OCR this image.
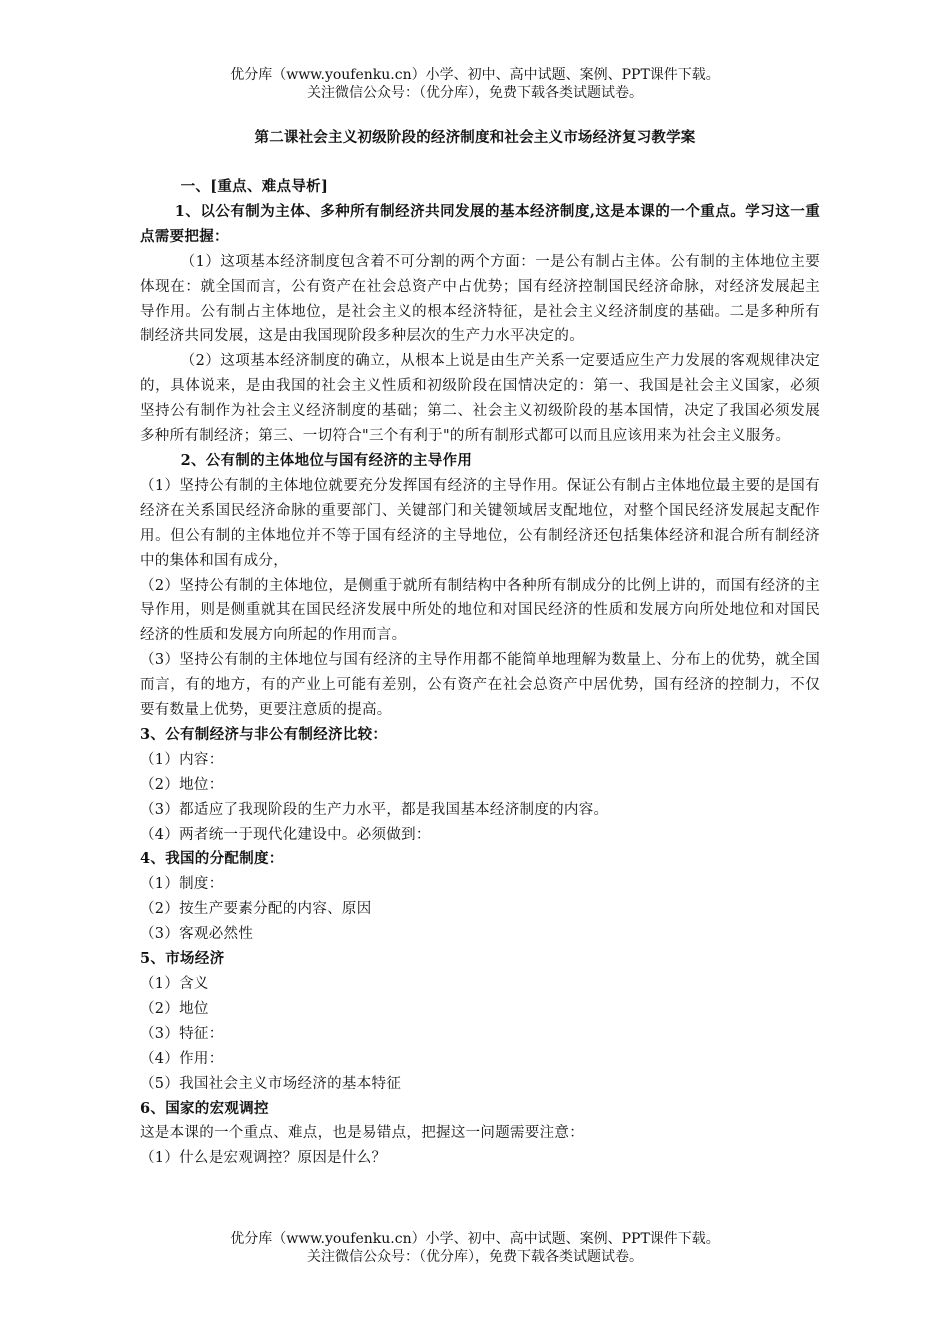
优分库（www.youfenku.cn）小学、初中、高中试题、案例、PPT课件下载。
关注微信公众号：（优分库），免费下载各类试题试卷。
第二课社会主义初级阶段的经济制度和社会主义市场经济复习教学案

一、[重点、难点导析]

1、以公有制为主体、多种所有制经济共同发展的基本经济制度,这是本课的一个重点。学习这一重点需要把握：

（1）这项基本经济制度包含着不可分割的两个方面：一是公有制占主体。公有制的主体地位主要体现在：就全国而言，公有资产在社会总资产中占优势；国有经济控制国民经济命脉，对经济发展起主导作用。公有制占主体地位，是社会主义的根本经济特征，是社会主义经济制度的基础。二是多种所有制经济共同发展，这是由我国现阶段多种层次的生产力水平决定的。

（2）这项基本经济制度的确立，从根本上说是由生产关系一定要适应生产力发展的客观规律决定的，具体说来，是由我国的社会主义性质和初级阶段在国情决定的：第一、我国是社会主义国家，必须坚持公有制作为社会主义经济制度的基础；第二、社会主义初级阶段的基本国情，决定了我国必须发展多种所有制经济；第三、一切符合"三个有利于"的所有制形式都可以而且应该用来为社会主义服务。

2、公有制的主体地位与国有经济的主导作用

（1）坚持公有制的主体地位就要充分发挥国有经济的主导作用。保证公有制占主体地位最主要的是国有经济在关系国民经济命脉的重要部门、关键部门和关键领域居支配地位，对整个国民经济发展起支配作用。但公有制的主体地位并不等于国有经济的主导地位，公有制经济还包括集体经济和混合所有制经济中的集体和国有成分，

（2）坚持公有制的主体地位，是侧重于就所有制结构中各种所有制成分的比例上讲的，而国有经济的主导作用，则是侧重就其在国民经济发展中所处的地位和对国民经济的性质和发展方向所处地位和对国民经济的性质和发展方向所起的作用而言。

（3）坚持公有制的主体地位与国有经济的主导作用都不能简单地理解为数量上、分布上的优势，就全国而言，有的地方，有的产业上可能有差别，公有资产在社会总资产中居优势，国有经济的控制力，不仅要有数量上优势，更要注意质的提高。

3、公有制经济与非公有制经济比较：

（1）内容：

（2）地位：

（3）都适应了我现阶段的生产力水平，都是我国基本经济制度的内容。

（4）两者统一于现代化建设中。必须做到：

4、我国的分配制度：

（1）制度：

（2）按生产要素分配的内容、原因

（3）客观必然性

5、市场经济

（1）含义

（2）地位

（3）特征：

（4）作用：

（5）我国社会主义市场经济的基本特征

6、国家的宏观调控

这是本课的一个重点、难点，也是易错点，把握这一问题需要注意：

（1）什么是宏观调控？原因是什么？

优分库（www.youfenku.cn）小学、初中、高中试题、案例、PPT课件下载。
关注微信公众号：（优分库），免费下载各类试题试卷。
